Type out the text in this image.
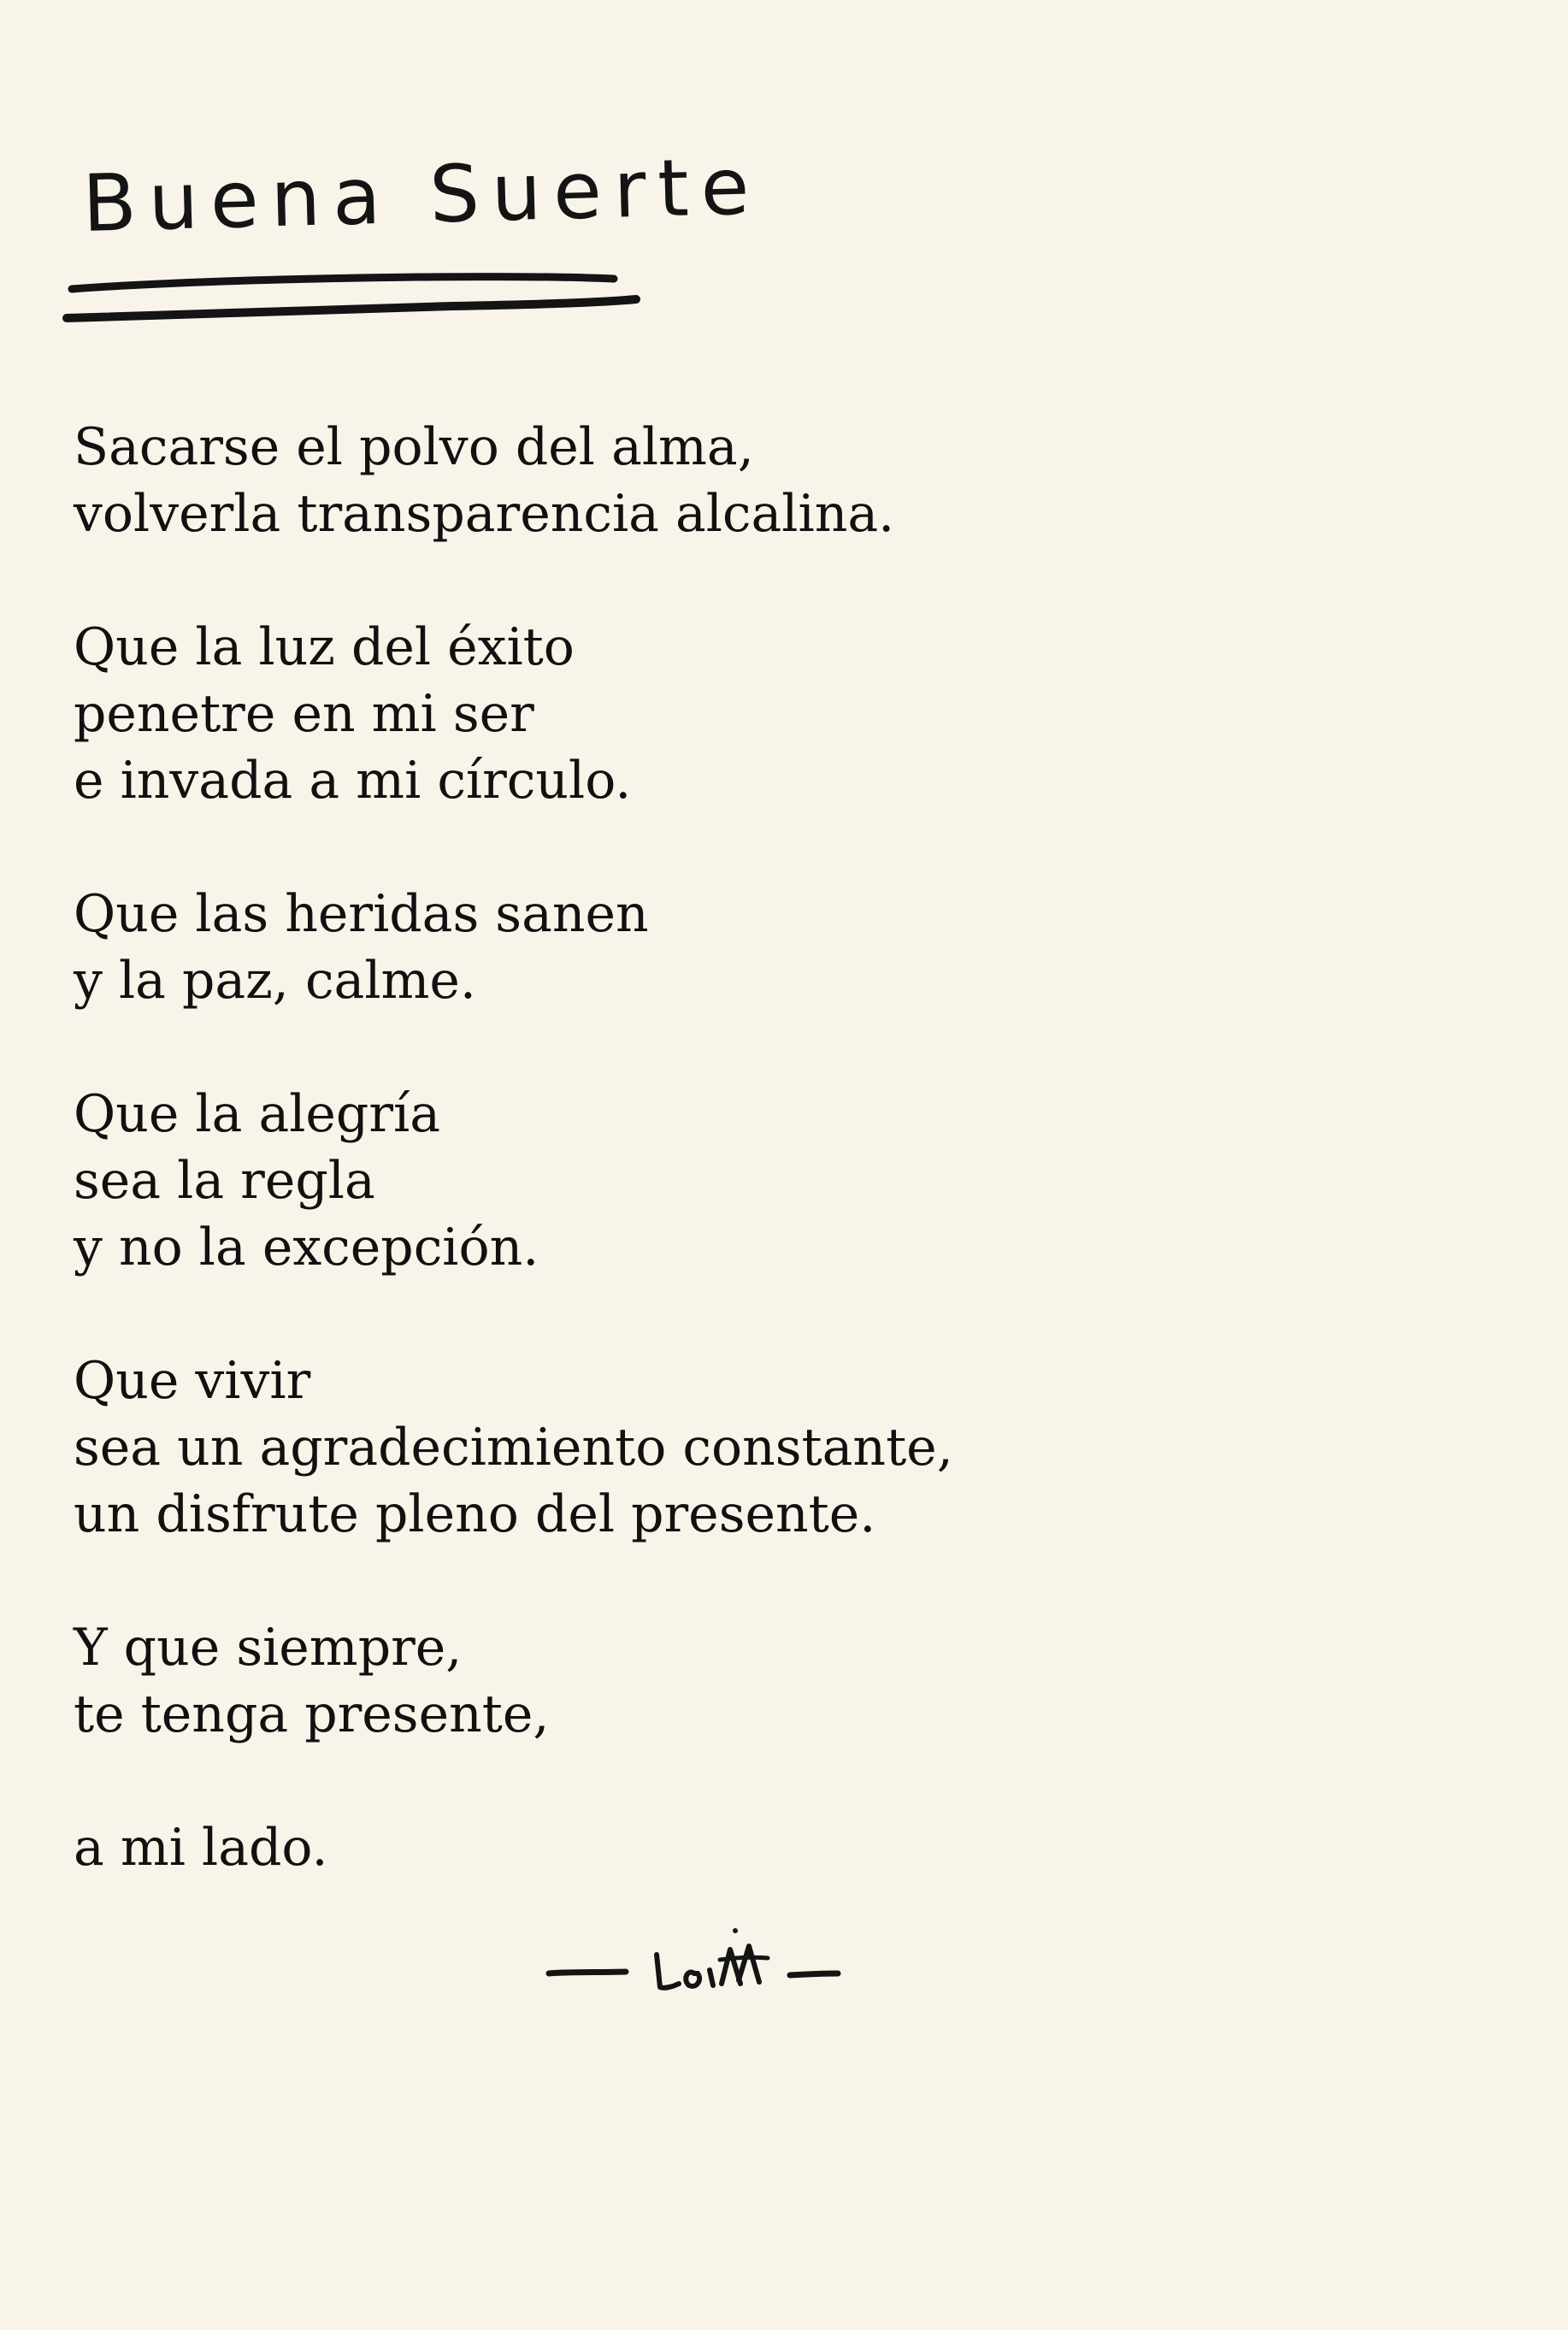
Buena Suerte
Sacarse el polvo del alma,
volverla transparencia alcalina.
Que la luz del éxito
penetre en mi ser
e invada a mi círculo.
Que las heridas sanen
y la paz, calme.
Que la alegría
sea la regla
y no la excepción.
Que vivir
sea un agradecimiento constante,
un disfrute pleno del presente.
Y que siempre,
te tenga presente,
a mi lado.
